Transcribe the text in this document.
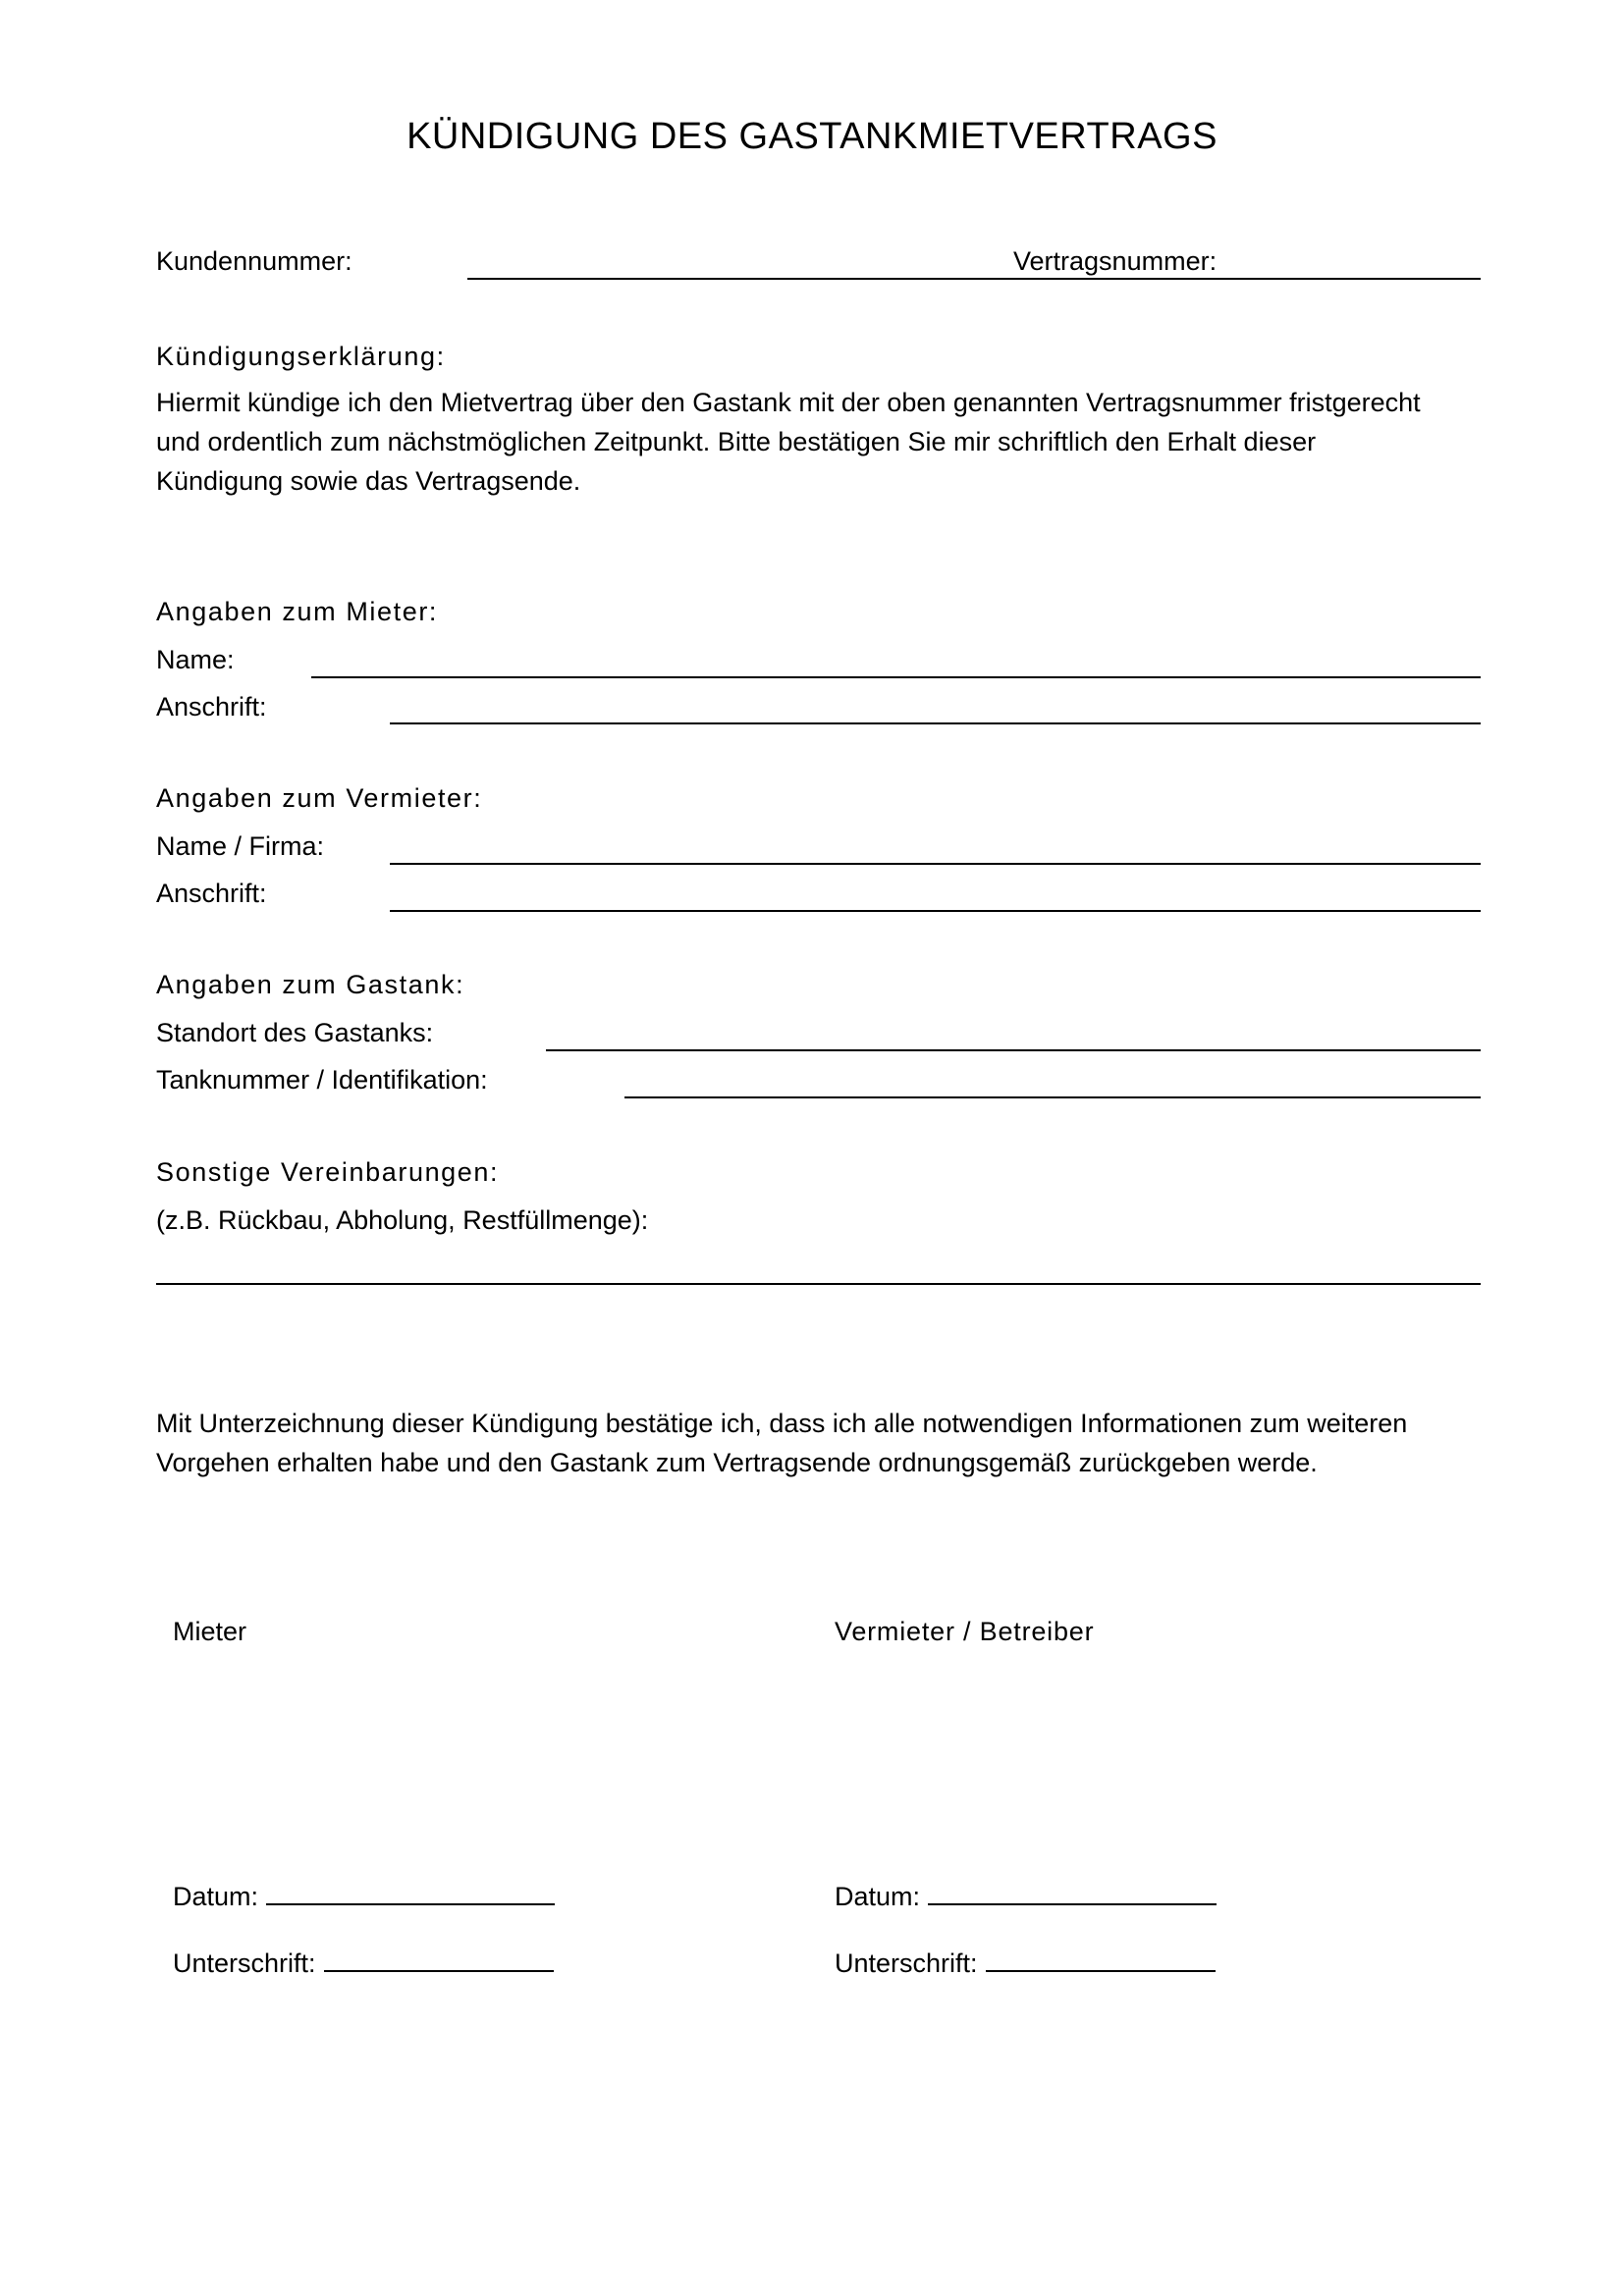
KÜNDIGUNG DES GASTANKMIETVERTRAGS
Kundennummer:	Vertragsnummer:
Kündigungserklärung:
Hiermit kündige ich den Mietvertrag über den Gastank mit der oben genannten Vertragsnummer fristgerecht
und ordentlich zum nächstmöglichen Zeitpunkt. Bitte bestätigen Sie mir schriftlich den Erhalt dieser
Kündigung sowie das Vertragsende.
Angaben zum Mieter:
Name:
Anschrift:
Angaben zum Vermieter:
Name / Firma:
Anschrift:
Angaben zum Gastank:
Standort des Gastanks:
Tanknummer / Identifikation:
Sonstige Vereinbarungen:
(z.B. Rückbau, Abholung, Restfüllmenge):
Mit Unterzeichnung dieser Kündigung bestätige ich, dass ich alle notwendigen Informationen zum weiteren
Vorgehen erhalten habe und den Gastank zum Vertragsende ordnungsgemäß zurückgeben werde.
Mieter	Vermieter / Betreiber
Datum:	Datum:
Unterschrift:	Unterschrift:
